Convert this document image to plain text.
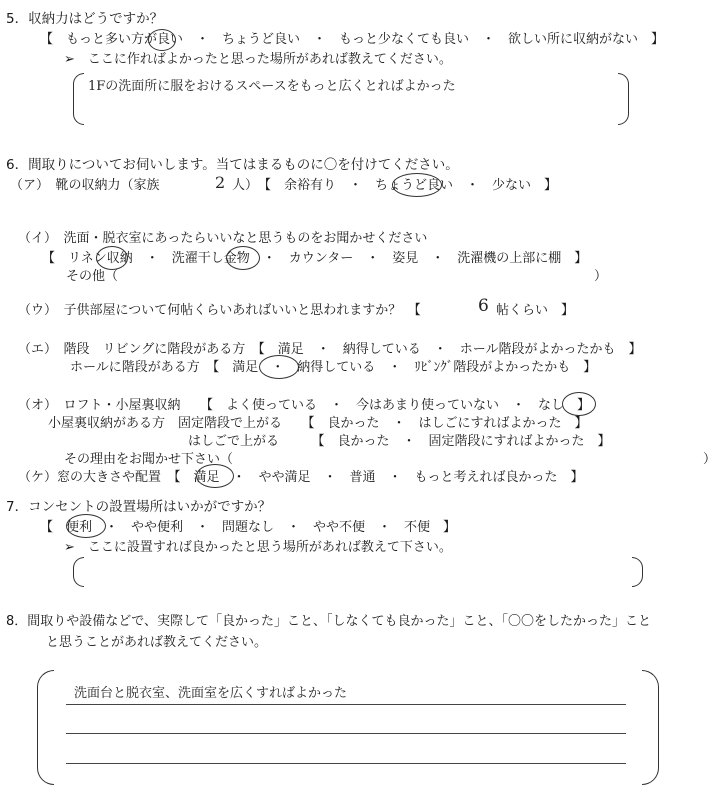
5．収納力はどうですか？
【　もっと多い方が良い　・　ちょうど良い　・　もっと少なくても良い　・　欲しい所に収納がない　】
➢　ここに作ればよかったと思った場所があれば教えてください。
1Fの洗面所に服をおけるスペースをもっと広くとればよかった
6．間取りについてお伺いします。当てはまるものに〇を付けてください。
（ア）　靴の収納力（家族	2 人）　【　余裕有り　・　ちょうど良い　・　少ない　】
（イ）　洗面・脱衣室にあったらいいなと思うものをお聞かせください
【　リネン収納　・　洗濯干し金物　・　カウンター　・　姿見　・　洗濯機の上部に棚　】
その他（	）
（ウ）　子供部屋について何帖くらいあればいいと思われますか？　【	6 帖くらい　】
（エ）　階段　リビングに階段がある方　【　満足　・　納得している　・　ホール階段がよかったかも　】
ホールに階段がある方　【　満足　・　納得している　・　ﾘﾋﾞﾝｸﾞ階段がよかったかも　】
（オ）　ロフト・小屋裏収納　　【　よく使っている　・　今はあまり使っていない　・　なし　】
小屋裏収納がある方　固定階段で上がる　　【　良かった　・　はしごにすればよかった　】
はしごで上がる　　　【　良かった　・　固定階段にすればよかった　】
その理由をお聞かせ下さい（	）
（ケ）窓の大きさや配置　【　満足　・　やや満足　・　普通　・　もっと考えれば良かった　】
7．コンセントの設置場所はいかがですか？
【　便利　・　やや便利　・　問題なし　・　やや不便　・　不便　】
➢　ここに設置すれば良かったと思う場所があれば教えて下さい。
8．間取りや設備などで、実際して「良かった」こと、「しなくても良かった」こと、「〇〇をしたかった」こと
と思うことがあれば教えてください。
洗面台と脱衣室、洗面室を広くすればよかった
